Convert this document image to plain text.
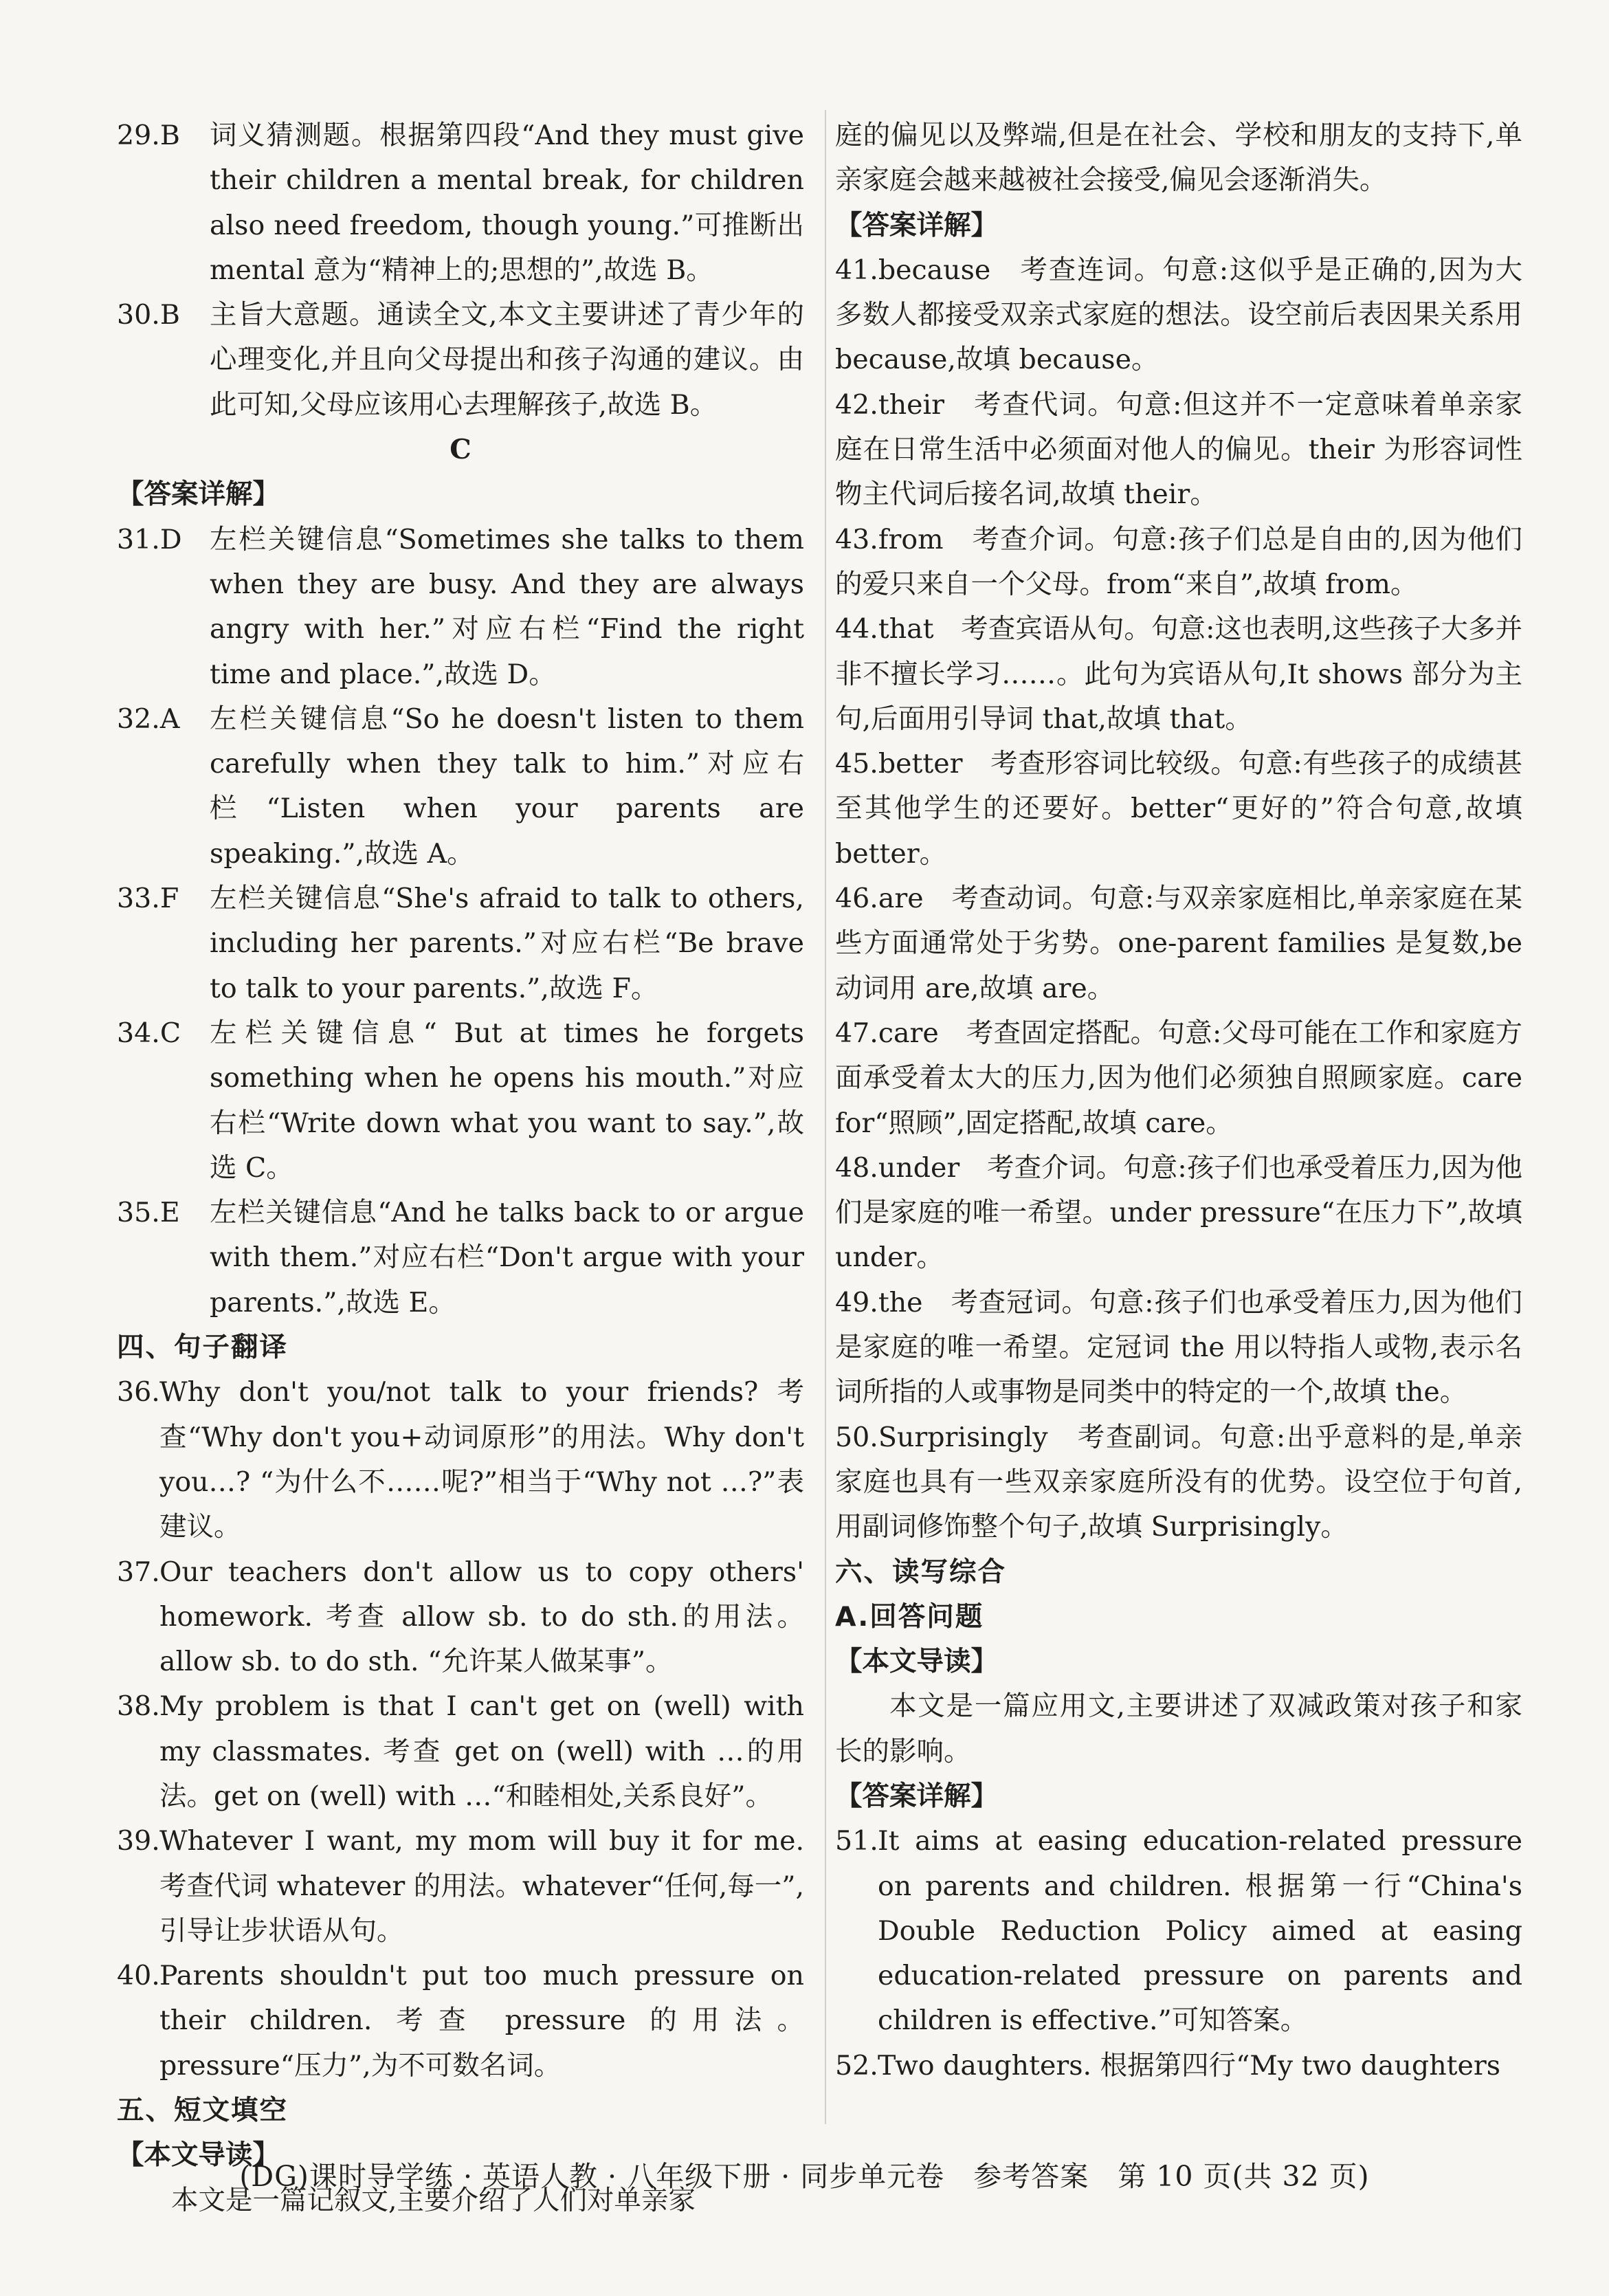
29.B	词义猜测题。根据第四段“And they must give their children a mental break, for children also need freedom, though young.”可推断出 mental 意为“精神上的;思想的”,故选 B。
30.B	主旨大意题。通读全文,本文主要讲述了青少年的心理变化,并且向父母提出和孩子沟通的建议。由此可知,父母应该用心去理解孩子,故选 B。
C
【答案详解】
31.D	左栏关键信息“Sometimes she talks to them when they are busy. And they are always angry with her.”对应右栏“Find the right time and place.”,故选 D。
32.A	左栏关键信息“So he doesn't listen to them carefully when they talk to him.”对应右栏“Listen when your parents are speaking.”,故选 A。
33.F	左栏关键信息“She's afraid to talk to others, including her parents.”对应右栏“Be brave to talk to your parents.”,故选 F。
34.C	左栏关键信息“ But at times he forgets something when he opens his mouth.”对应右栏“Write down what you want to say.”,故选 C。
35.E	左栏关键信息“And he talks back to or argue with them.”对应右栏“Don't argue with your parents.”,故选 E。
四、句子翻译
36. Why don't you/not talk to your friends? 考查“Why don't you+动词原形”的用法。Why don't you…? “为什么不……呢?”相当于“Why not …?”表建议。
37. Our teachers don't allow us to copy others' homework. 考查 allow sb. to do sth.的用法。allow sb. to do sth. “允许某人做某事”。
38. My problem is that I can't get on (well) with my classmates. 考查 get on (well) with …的用法。get on (well) with …“和睦相处,关系良好”。
39. Whatever I want, my mom will buy it for me. 考查代词 whatever 的用法。whatever“任何,每一”,引导让步状语从句。
40. Parents shouldn't put too much pressure on their children. 考查 pressure 的用法。pressure“压力”,为不可数名词。
五、短文填空
【本文导读】
本文是一篇记叙文,主要介绍了人们对单亲家
庭的偏见以及弊端,但是在社会、学校和朋友的支持下,单亲家庭会越来越被社会接受,偏见会逐渐消失。
【答案详解】
41.because　 考查连词。句意:这似乎是正确的,因为大多数人都接受双亲式家庭的想法。设空前后表因果关系用 because,故填 because。
42.their　 考查代词。句意:但这并不一定意味着单亲家庭在日常生活中必须面对他人的偏见。their 为形容词性物主代词后接名词,故填 their。
43.from　 考查介词。句意:孩子们总是自由的,因为他们的爱只来自一个父母。from“来自”,故填 from。
44.that　 考查宾语从句。句意:这也表明,这些孩子大多并非不擅长学习……。此句为宾语从句,It shows 部分为主句,后面用引导词 that,故填 that。
45.better　 考查形容词比较级。句意:有些孩子的成绩甚至其他学生的还要好。better“更好的”符合句意,故填 better。
46.are　 考查动词。句意:与双亲家庭相比,单亲家庭在某些方面通常处于劣势。one-parent families 是复数,be 动词用 are,故填 are。
47.care　 考查固定搭配。句意:父母可能在工作和家庭方面承受着太大的压力,因为他们必须独自照顾家庭。care for“照顾”,固定搭配,故填 care。
48.under　 考查介词。句意:孩子们也承受着压力,因为他们是家庭的唯一希望。under pressure“在压力下”,故填 under。
49.the　 考查冠词。句意:孩子们也承受着压力,因为他们是家庭的唯一希望。定冠词 the 用以特指人或物,表示名词所指的人或事物是同类中的特定的一个,故填 the。
50.Surprisingly　 考查副词。句意:出乎意料的是,单亲家庭也具有一些双亲家庭所没有的优势。设空位于句首,用副词修饰整个句子,故填 Surprisingly。
六、读写综合
A.回答问题
【本文导读】
本文是一篇应用文,主要讲述了双减政策对孩子和家长的影响。
【答案详解】
51. It aims at easing education-related pressure on parents and children. 根据第一行“China's Double Reduction Policy aimed at easing education-related pressure on parents and children is effective.”可知答案。
52. Two daughters. 根据第四行“My two daughters
(DG)课时导学练 · 英语人教 · 八年级下册 · 同步单元卷　参考答案　第 10 页(共 32 页)
